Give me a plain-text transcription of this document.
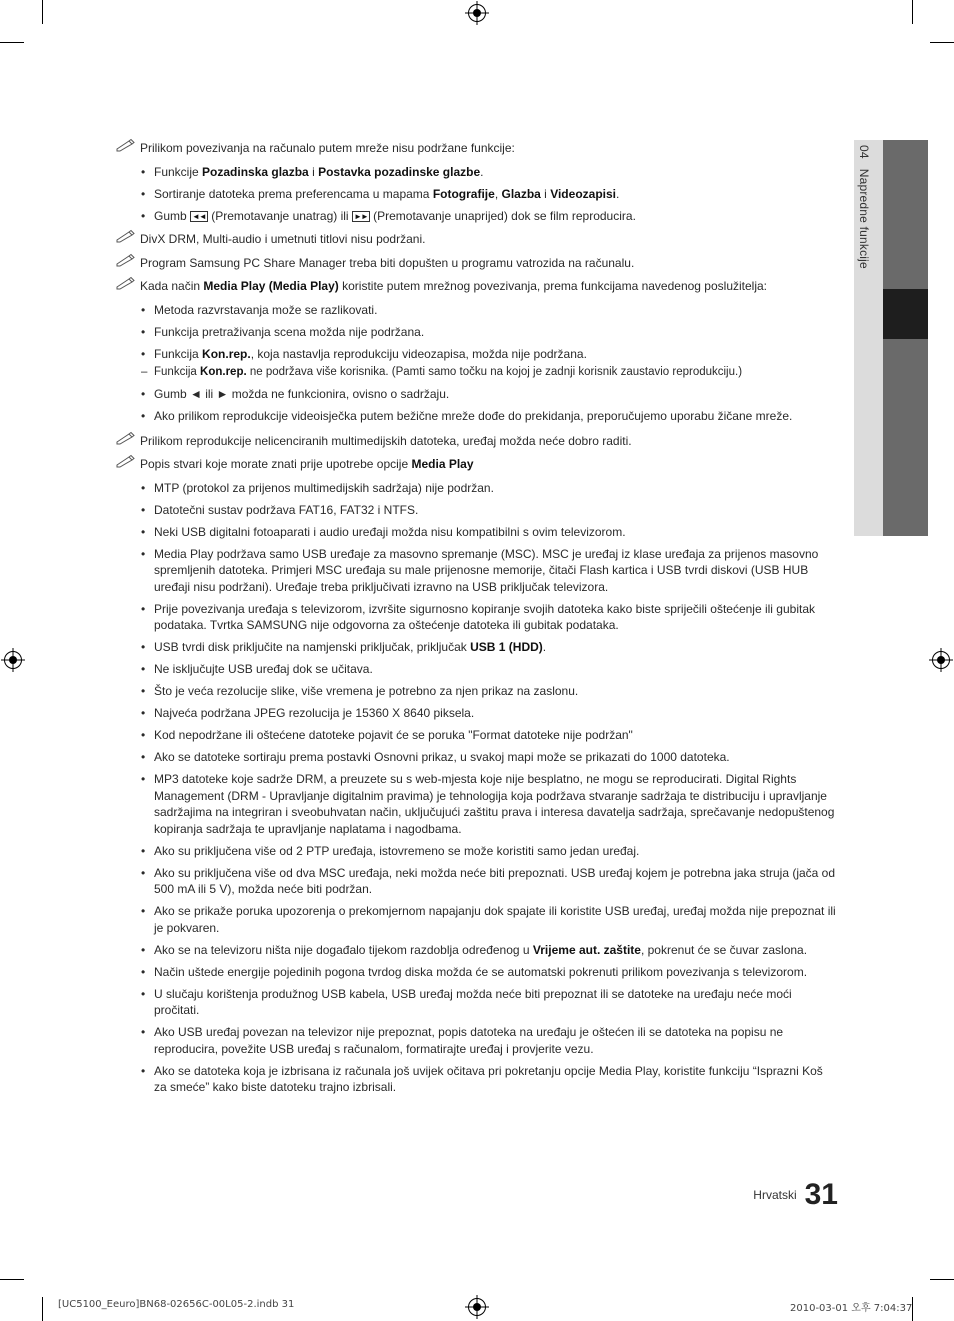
04Napredne funkcije
Prilikom povezivanja na računalo putem mreže nisu podržane funkcije:
• Funkcije Pozadinska glazba i Postavka pozadinske glazbe.
• Sortiranje datoteka prema preferencama u mapama Fotografije, Glazba i Videozapisi.
• Gumb ◄◄ (Premotavanje unatrag) ili ►► (Premotavanje unaprijed) dok se film reproducira.
DivX DRM, Multi-audio i umetnuti titlovi nisu podržani.
Program Samsung PC Share Manager treba biti dopušten u programu vatrozida na računalu.
Kada način Media Play (Media Play) koristite putem mrežnog povezivanja, prema funkcijama navedenog poslužitelja:
• Metoda razvrstavanja može se razlikovati.
• Funkcija pretraživanja scena možda nije podržana.
• Funkcija Kon.rep., koja nastavlja reprodukciju videozapisa, možda nije podržana.
– Funkcija Kon.rep. ne podržava više korisnika. (Pamti samo točku na kojoj je zadnji korisnik zaustavio reprodukciju.)
• Gumb ◄ ili ► možda ne funkcionira, ovisno o sadržaju.
• Ako prilikom reprodukcije videoisječka putem bežične mreže dođe do prekidanja, preporučujemo uporabu žičane mreže.
Prilikom reprodukcije nelicenciranih multimedijskih datoteka, uređaj možda neće dobro raditi.
Popis stvari koje morate znati prije upotrebe opcije Media Play
• MTP (protokol za prijenos multimedijskih sadržaja) nije podržan.
• Datotečni sustav podržava FAT16, FAT32 i NTFS.
• Neki USB digitalni fotoaparati i audio uređaji možda nisu kompatibilni s ovim televizorom.
• Media Play podržava samo USB uređaje za masovno spremanje (MSC). MSC je uređaj iz klase uređaja za prijenos masovno spremljenih datoteka. Primjeri MSC uređaja su male prijenosne memorije, čitači Flash kartica i USB tvrdi diskovi (USB HUB uređaji nisu podržani). Uređaje treba priključivati izravno na USB priključak televizora.
• Prije povezivanja uređaja s televizorom, izvršite sigurnosno kopiranje svojih datoteka kako biste spriječili oštećenje ili gubitak podataka. Tvrtka SAMSUNG nije odgovorna za oštećenje datoteka ili gubitak podataka.
• USB tvrdi disk priključite na namjenski priključak, priključak USB 1 (HDD).
• Ne isključujte USB uređaj dok se učitava.
• Što je veća rezolucije slike, više vremena je potrebno za njen prikaz na zaslonu.
• Najveća podržana JPEG rezolucija je 15360 X 8640 piksela.
• Kod nepodržane ili oštećene datoteke pojavit će se poruka "Format datoteke nije podržan"
• Ako se datoteke sortiraju prema postavki Osnovni prikaz, u svakoj mapi može se prikazati do 1000 datoteka.
• MP3 datoteke koje sadrže DRM, a preuzete su s web-mjesta koje nije besplatno, ne mogu se reproducirati. Digital Rights Management (DRM - Upravljanje digitalnim pravima) je tehnologija koja podržava stvaranje sadržaja te distribuciju i upravljanje sadržajima na integriran i sveobuhvatan način, uključujući zaštitu prava i interesa davatelja sadržaja, sprečavanje nedopuštenog kopiranja sadržaja te upravljanje naplatama i nagodbama.
• Ako su priključena više od 2 PTP uređaja, istovremeno se može koristiti samo jedan uređaj.
• Ako su priključena više od dva MSC uređaja, neki možda neće biti prepoznati. USB uređaj kojem je potrebna jaka struja (jača od 500 mA ili 5 V), možda neće biti podržan.
• Ako se prikaže poruka upozorenja o prekomjernom napajanju dok spajate ili koristite USB uređaj, uređaj možda nije prepoznat ili je pokvaren.
• Ako se na televizoru ništa nije događalo tijekom razdoblja određenog u Vrijeme aut. zaštite, pokrenut će se čuvar zaslona.
• Način uštede energije pojedinih pogona tvrdog diska možda će se automatski pokrenuti prilikom povezivanja s televizorom.
• U slučaju korištenja produžnog USB kabela, USB uređaj možda neće biti prepoznat ili se datoteke na uređaju neće moći pročitati.
• Ako USB uređaj povezan na televizor nije prepoznat, popis datoteka na uređaju je oštećen ili se datoteka na popisu ne reproducira, povežite USB uređaj s računalom, formatirajte uređaj i provjerite vezu.
• Ako se datoteka koja je izbrisana iz računala još uvijek očitava pri pokretanju opcije Media Play, koristite funkciju “Isprazni Koš za smeće” kako biste datoteku trajno izbrisali.
$^{Hrvatski}$ 31
[UC5100_Eeuro]BN68-02656C-00L05-2.indb 31	2010-03-01 오후 7:04:37
